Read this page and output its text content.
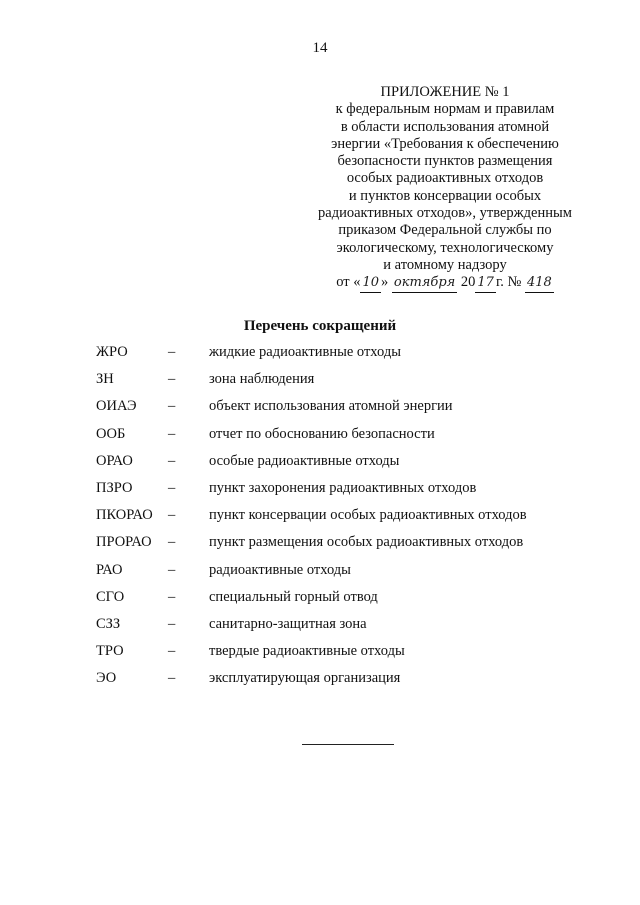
14
ПРИЛОЖЕНИЕ № 1
к федеральным нормам и правилам
в области использования атомной
энергии «Требования к обеспечению
безопасности пунктов размещения
особых радиоактивных отходов
и пунктов консервации особых
радиоактивных отходов», утвержденным
приказом Федеральной службы по
экологическому, технологическому
и атомному надзору
от « 10 » октября 20 17 г. № 418
Перечень сокращений
ЖРО	– жидкие радиоактивные отходы
ЗН	– зона наблюдения
ОИАЭ – объект использования атомной энергии
ООБ	– отчет по обоснованию безопасности
ОРАО – особые радиоактивные отходы
ПЗРО – пункт захоронения радиоактивных отходов
ПКОРАО – пункт консервации особых радиоактивных отходов
ПРОРАО – пункт размещения особых радиоактивных отходов
РАО	– радиоактивные отходы
СГО	– специальный горный отвод
СЗЗ	– санитарно-защитная зона
ТРО	– твердые радиоактивные отходы
ЭО	– эксплуатирующая организация
